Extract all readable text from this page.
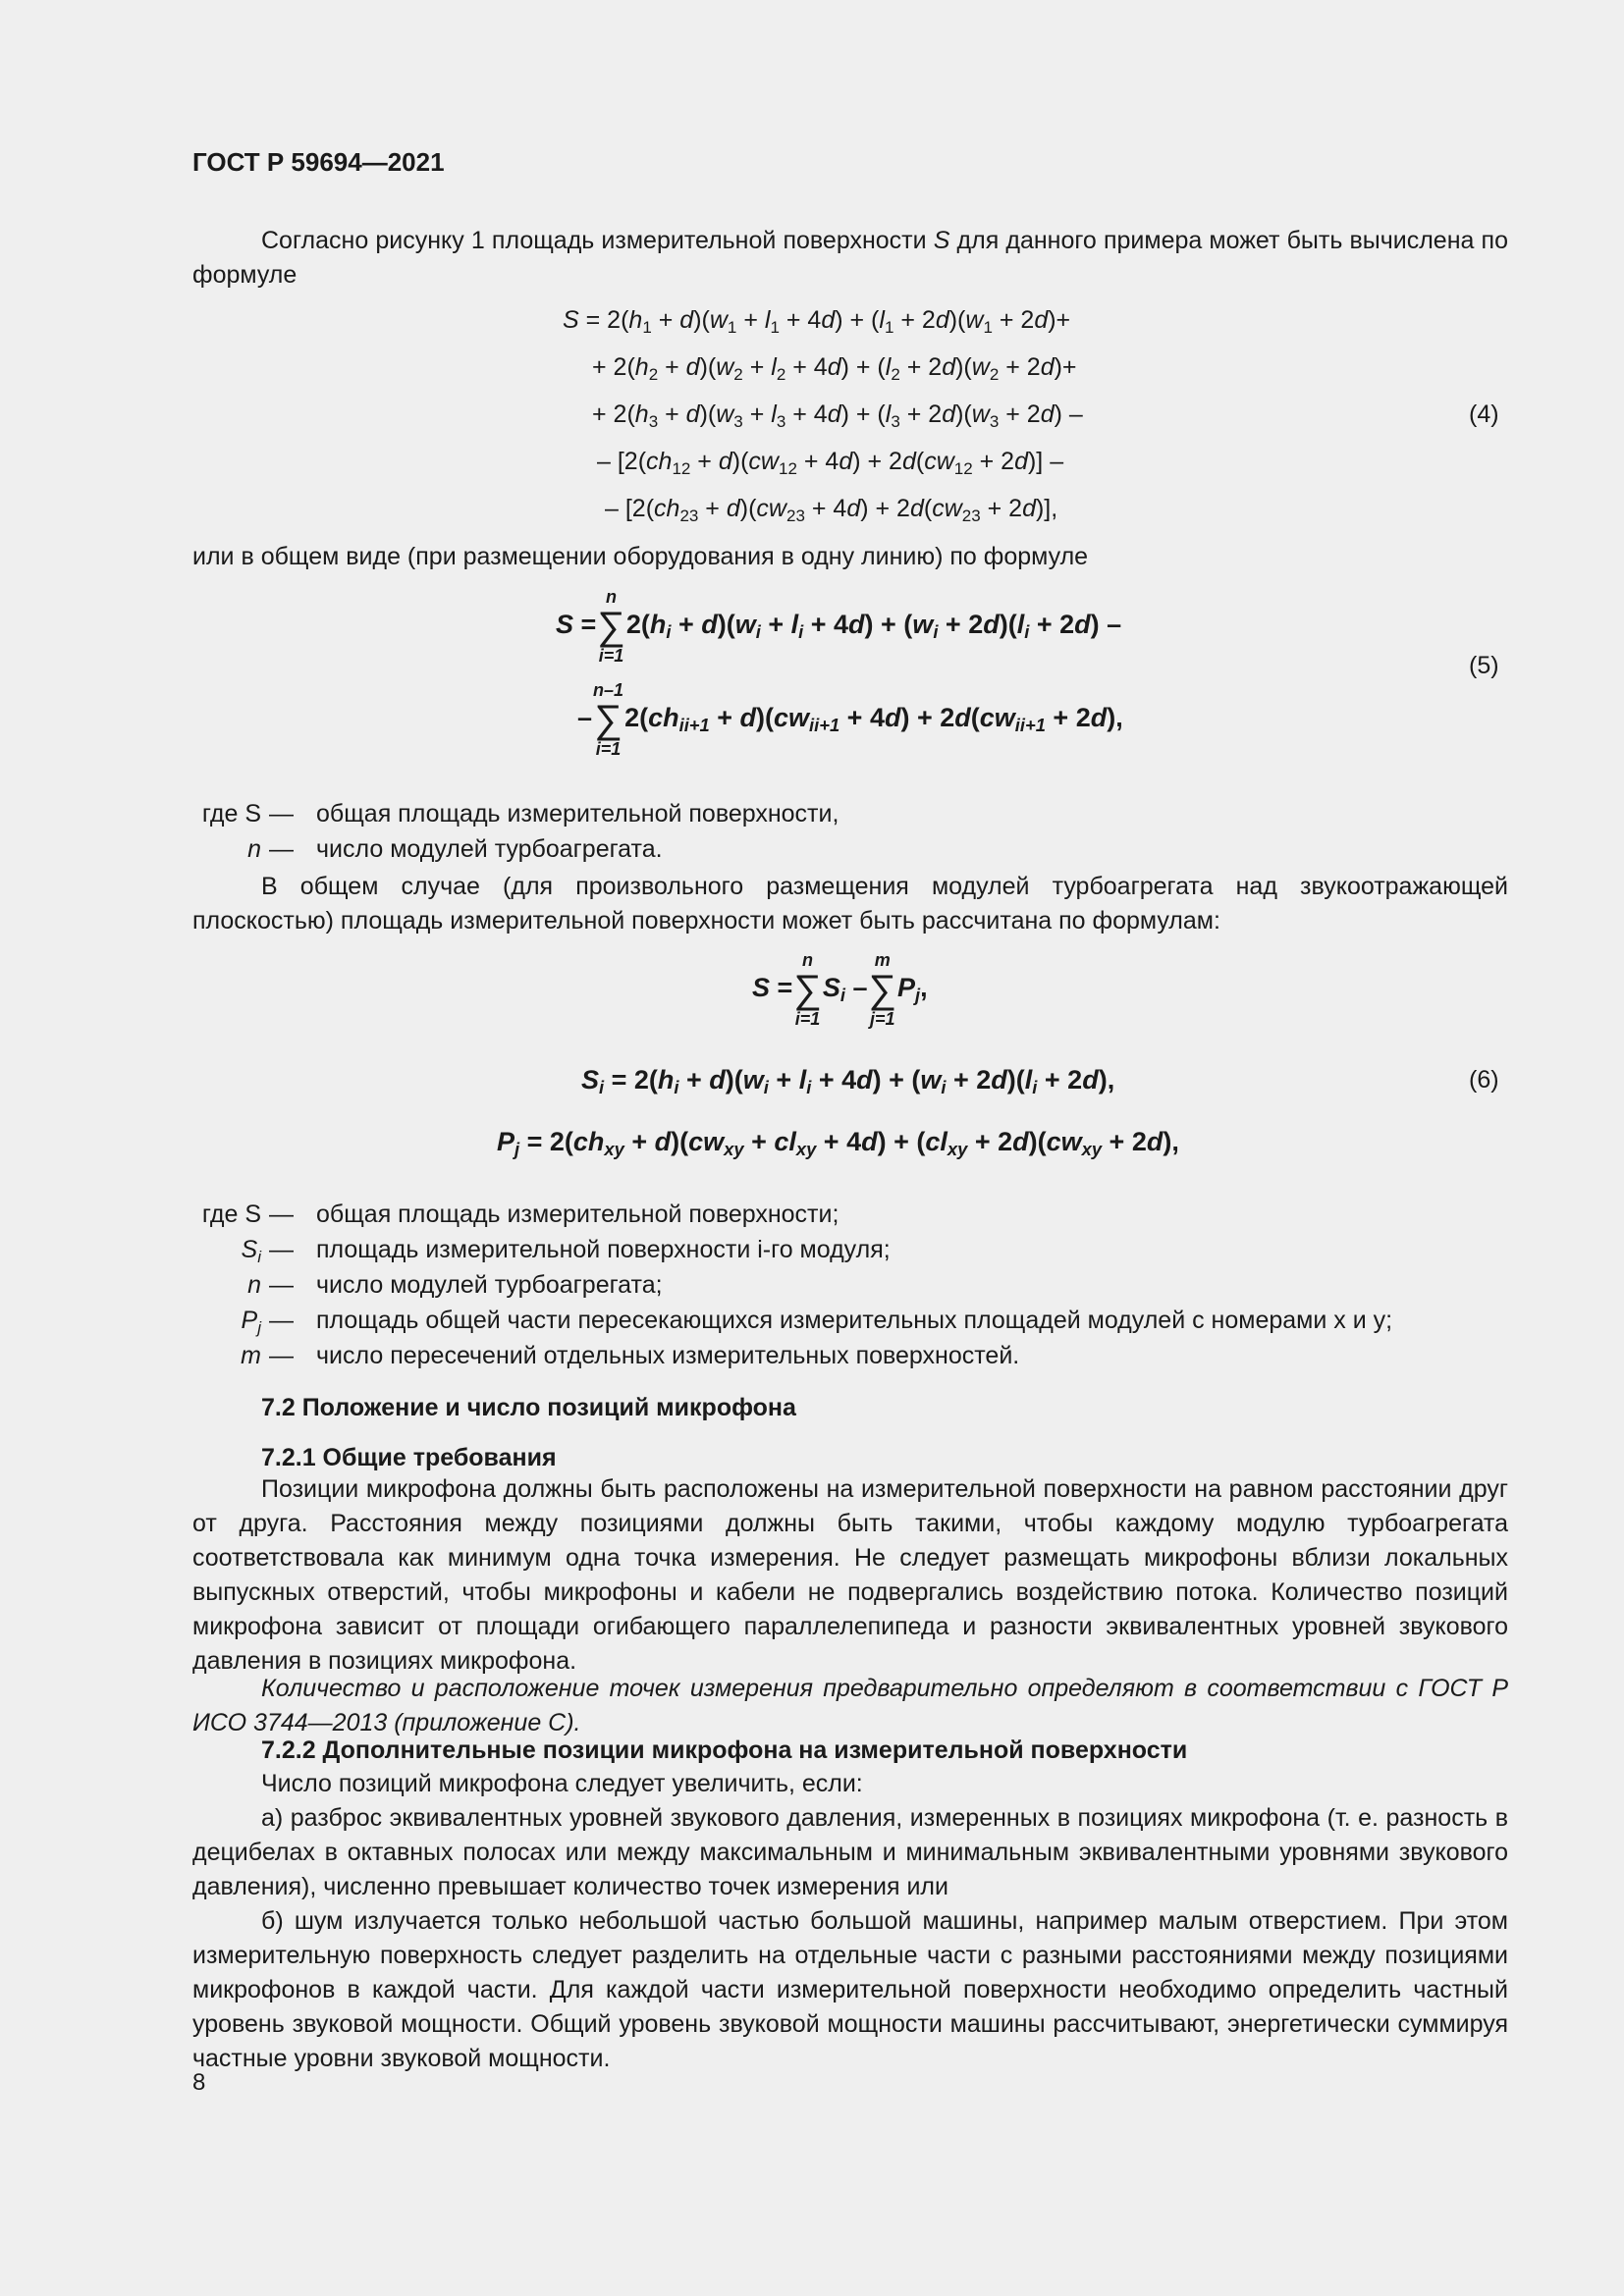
ГОСТ Р 59694—2021

Согласно рисунку 1 площадь измерительной поверхности S для данного примера может быть вычислена по формуле

$S = 2(h_1 + d)(w_1 + l_1 + 4d) + (l_1 + 2d)(w_1 + 2d)+$
+ $2(h_2 + d)(w_2 + l_2 + 4d) + (l_2 + 2d)(w_2 + 2d)+$
+ $2(h_3 + d)(w_3 + l_3 + 4d) + (l_3 + 2d)(w_3 + 2d)$ –
– $[2(ch_{12} + d)(cw_{12} + 4d) + 2d(cw_{12} + 2d)]$ –
– $[2(ch_{23} + d)(cw_{23} + 4d) + 2d(cw_{23} + 2d)]$,
(4)

или в общем виде (при размещении оборудования в одну линию) по формуле

S =
n
∑
i=1
$2(h_i + d)(w_i + l_i + 4d) + (w_i + 2d)(l_i + 2d)$ –
–
n–1
∑
i=1
$2(ch_{ii+1} + d)(cw_{ii+1} + 4d) + 2d(cw_{ii+1} + 2d)$,
(5)
где S — общая площадь измерительной поверхности,
n — число модулей турбоагрегата.

В общем случае (для произвольного размещения модулей турбоагрегата над звукоотражающей плоскостью) площадь измерительной поверхности может быть рассчитана по формулам:

S =
n
∑
i=1
$S_i$ –
m
∑
j=1
$P_j$,
$S_i = 2(h_i + d)(w_i + l_i + 4d) + (w_i + 2d)(l_i + 2d)$,
$P_j = 2(ch_{xy} + d)(cw_{xy} + cl_{xy} + 4d) + (cl_{xy} + 2d)(cw_{xy} + 2d)$,
(6)
где S — общая площадь измерительной поверхности;
$S_i$ — площадь измерительной поверхности i-го модуля;
n — число модулей турбоагрегата;
$P_j$ — площадь общей части пересекающихся измерительных площадей модулей с номерами x и y;
m — число пересечений отдельных измерительных поверхностей.
7.2 Положение и число позиций микрофона
7.2.1 Общие требования

Позиции микрофона должны быть расположены на измерительной поверхности на равном расстоянии друг от друга. Расстояния между позициями должны быть такими, чтобы каждому модулю турбоагрегата соответствовала как минимум одна точка измерения. Не следует размещать микрофоны вблизи локальных выпускных отверстий, чтобы микрофоны и кабели не подвергались воздействию потока. Количество позиций микрофона зависит от площади огибающего параллелепипеда и разности эквивалентных уровней звукового давления в позициях микрофона.

Количество и расположение точек измерения предварительно определяют в соответствии с ГОСТ Р ИСО 3744—2013 (приложение С).

7.2.2 Дополнительные позиции микрофона на измерительной поверхности

Число позиций микрофона следует увеличить, если:

а) разброс эквивалентных уровней звукового давления, измеренных в позициях микрофона (т. е. разность в децибелах в октавных полосах или между максимальным и минимальным эквивалентными уровнями звукового давления), численно превышает количество точек измерения или

б) шум излучается только небольшой частью большой машины, например малым отверстием. При этом измерительную поверхность следует разделить на отдельные части с разными расстояниями между позициями микрофонов в каждой части. Для каждой части измерительной поверхности необходимо определить частный уровень звуковой мощности. Общий уровень звуковой мощности машины рассчитывают, энергетически суммируя частные уровни звуковой мощности.

8
